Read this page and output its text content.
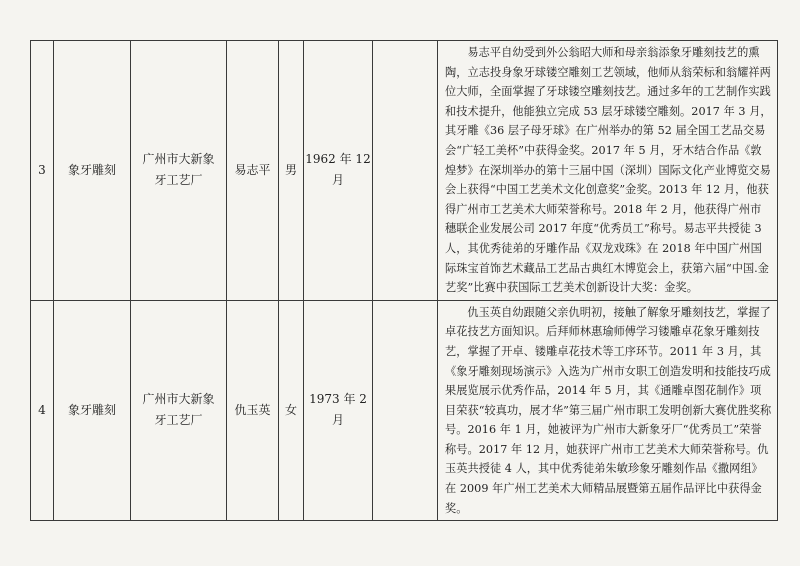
3	象牙雕刻	广州市大新象牙工艺厂	易志平	男	1962 年 12 月		易志平自幼受到外公翁昭大师和母亲翁添象牙雕刻技艺的熏陶，立志投身象牙球镂空雕刻工艺领域，他师从翁荣标和翁耀祥两位大师，全面掌握了牙球镂空雕刻技艺。通过多年的工艺制作实践和技术提升，他能独立完成 53 层牙球镂空雕刻。2017 年 3 月，其牙雕《36 层子母牙球》在广州举办的第 52 届全国工艺品交易会“广轻工美杯”中获得金奖。2017 年 5 月，牙木结合作品《敦煌梦》在深圳举办的第十三届中国（深圳）国际文化产业博览交易会上获得“中国工艺美术文化创意奖”金奖。2013 年 12 月，他获得广州市工艺美术大师荣誉称号。2018 年 2 月，他获得广州市穗联企业发展公司 2017 年度“优秀员工”称号。易志平共授徒 3 人，其优秀徒弟的牙雕作品《双龙戏珠》在 2018 年中国广州国际珠宝首饰艺术藏品工艺品古典红木博览会上，获第六届“中国.金艺奖”比赛中获国际工艺美术创新设计大奖：金奖。
4	象牙雕刻	广州市大新象牙工艺厂	仇玉英	女	1973 年 2 月		仇玉英自幼跟随父亲仇明初，接触了解象牙雕刻技艺，掌握了卓花技艺方面知识。后拜师林惠瑜师傅学习镂雕卓花象牙雕刻技艺，掌握了开卓、镂雕卓花技术等工序环节。2011 年 3 月，其《象牙雕刻现场演示》入选为广州市女职工创造发明和技能技巧成果展览展示优秀作品，2014 年 5 月，其《通雕卓图花制作》项目荣获“较真功，展才华”第三届广州市职工发明创新大赛优胜奖称号。2016 年 1 月，她被评为广州市大新象牙厂“优秀员工”荣誉称号。2017 年 12 月，她获评广州市工艺美术大师荣誉称号。仇玉英共授徒 4 人，其中优秀徒弟朱敏珍象牙雕刻作品《撒网组》在 2009 年广州工艺美术大师精品展暨第五届作品评比中获得金奖。
